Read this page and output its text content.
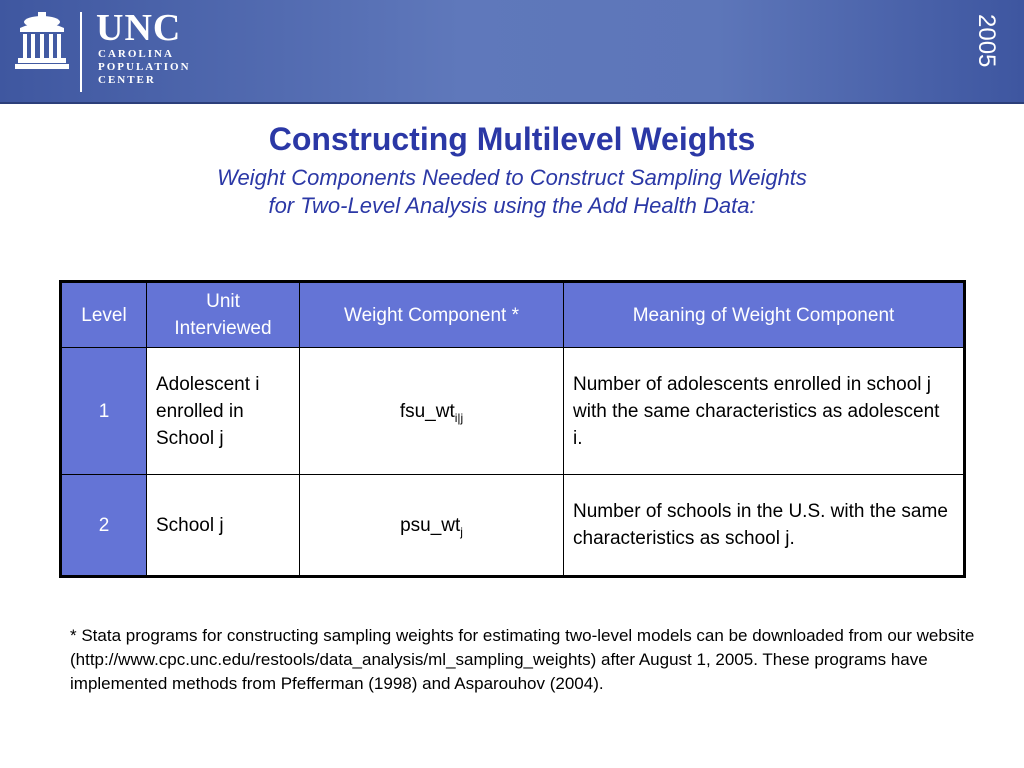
UNC
CAROLINA
POPULATION
CENTER
2005
Constructing Multilevel Weights
Weight Components Needed to Construct Sampling Weights
for Two-Level Analysis using the Add Health Data:
Level	Unit Interviewed	Weight Component *	Meaning of Weight Component
1	Adolescent i enrolled in School j	$fsu\_wt_{i|j}$	Number of adolescents enrolled in school j with the same characteristics as adolescent i.
2	School j	$psu\_wt_j$	Number of schools in the U.S. with the same characteristics as school j.
* Stata programs for constructing sampling weights for estimating two-level models can be downloaded from our website (http://www.cpc.unc.edu/restools/data_analysis/ml_sampling_weights) after August 1, 2005. These programs have implemented methods from Pfefferman (1998) and Asparouhov (2004).
